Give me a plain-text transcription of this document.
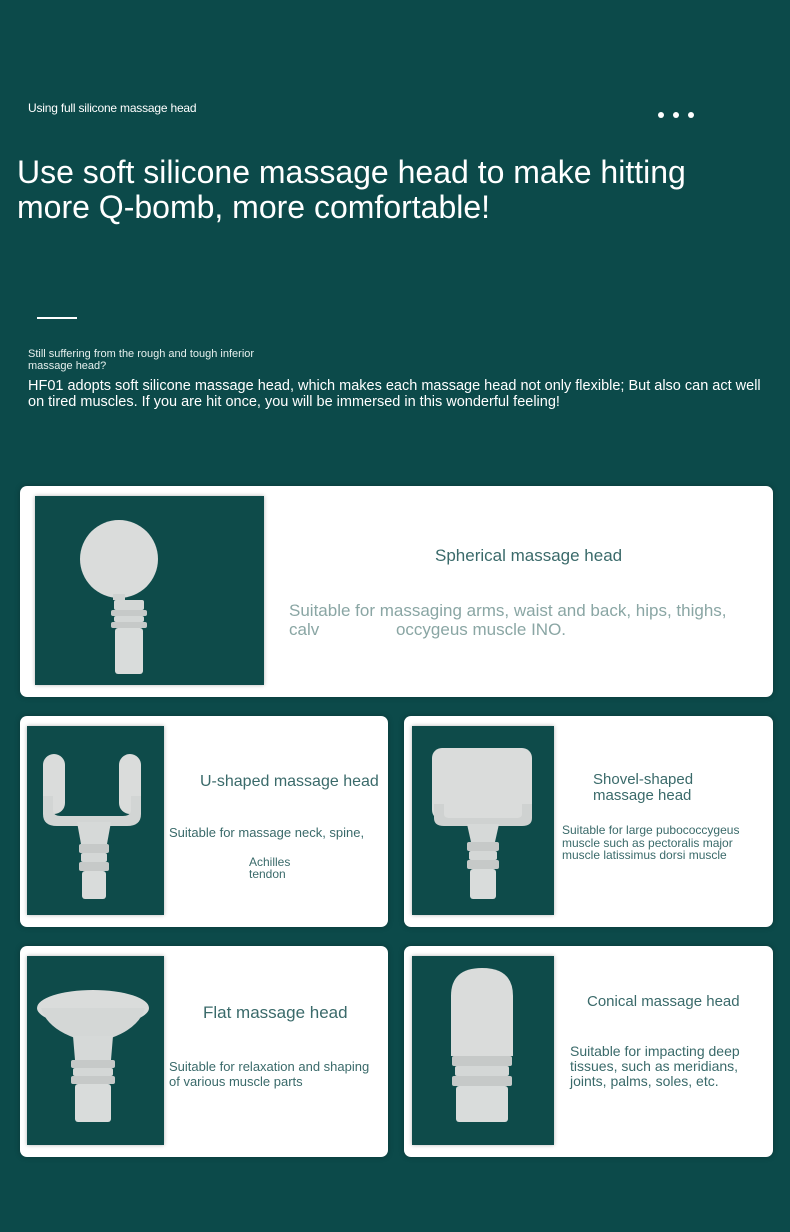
Using full silicone massage head
Use soft silicone massage head to make hitting more Q-bomb, more comfortable!
Still suffering from the rough and tough inferior massage head?
HF01 adopts soft silicone massage head, which makes each massage head not only flexible; But also can act well on tired muscles. If you are hit once, you will be immersed in this wonderful feeling!
Spherical massage head
Suitable for massaging arms, waist and back, hips, thighs, calv	occygeus muscle INO.
U-shaped massage head
Suitable for massage neck, spine,
Achilles tendon
Shovel-shaped massage head
Suitable for large pubococcygeus muscle such as pectoralis major muscle latissimus dorsi muscle
Flat massage head
Suitable for relaxation and shaping of various muscle parts
Conical massage head
Suitable for impacting deep tissues, such as meridians, joints, palms, soles, etc.
